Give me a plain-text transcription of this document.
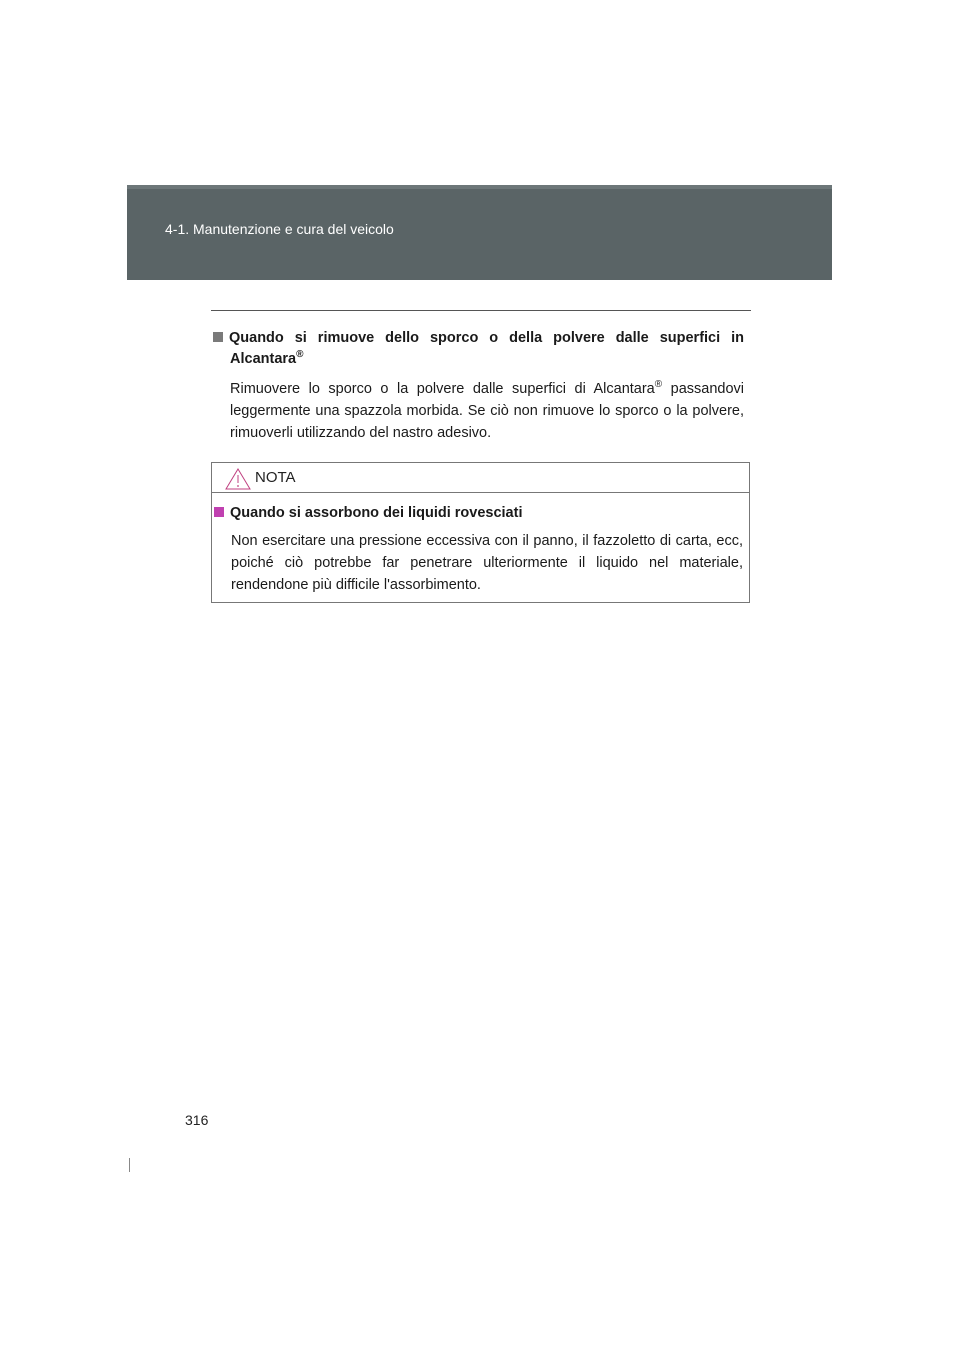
4-1. Manutenzione e cura del veicolo
Quando si rimuove dello sporco o della polvere dalle superfici in
Alcantara®
Rimuovere lo sporco o la polvere dalle superfici di Alcantara® passandovi leggermente una spazzola morbida. Se ciò non rimuove lo sporco o la polvere, rimuoverli utilizzando del nastro adesivo.
NOTA
Quando si assorbono dei liquidi rovesciati
Non esercitare una pressione eccessiva con il panno, il fazzoletto di carta, ecc, poiché ciò potrebbe far penetrare ulteriormente il liquido nel materiale, rendendone più difficile l'assorbimento.
316
